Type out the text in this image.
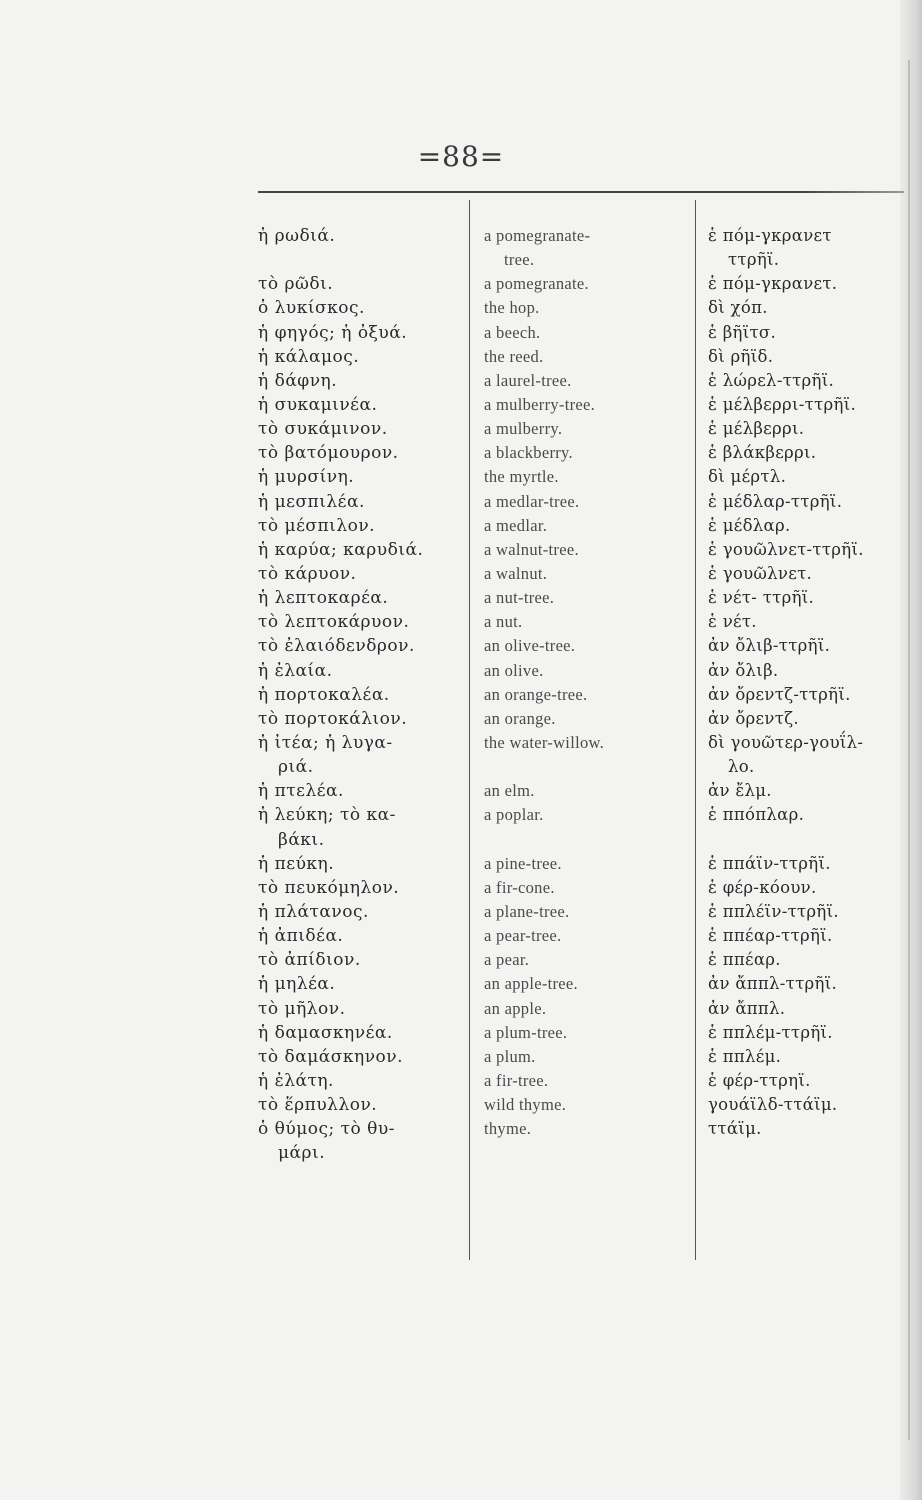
=88=
ἡ ρωδιά.
τὸ ρῶδι.
ὁ λυκίσκος.
ἡ φηγός; ἡ ὀξυά.
ἡ κάλαμος.
ἡ δάφνη.
ἡ συκαμινέα.
τὸ συκάμινον.
τὸ βατόμουρον.
ἡ μυρσίνη.
ἡ μεσπιλέα.
τὸ μέσπιλον.
ἡ καρύα; καρυδιά.
τὸ κάρυον.
ἡ λεπτοκαρέα.
τὸ λεπτοκάρυον.
τὸ ἐλαιόδενδρον.
ἡ ἐλαία.
ἡ πορτοκαλέα.
τὸ πορτοκάλιον.
ἡ ἰτέα; ἡ λυγα-
ριά.
ἡ πτελέα.
ἡ λεύκη; τὸ κα-
βάκι.
ἡ πεύκη.
τὸ πευκόμηλον.
ἡ πλάτανος.
ἡ ἀπιδέα.
τὸ ἀπίδιον.
ἡ μηλέα.
τὸ μῆλον.
ἡ δαμασκηνέα.
τὸ δαμάσκηνον.
ἡ ἐλάτη.
τὸ ἕρπυλλον.
ὁ θύμος; τὸ θυ-
μάρι.
a pomegranate-
tree.
a pomegranate.
the hop.
a beech.
the reed.
a laurel-tree.
a mulberry-tree.
a mulberry.
a blackberry.
the myrtle.
a medlar-tree.
a medlar.
a walnut-tree.
a walnut.
a nut-tree.
a nut.
an olive-tree.
an olive.
an orange-tree.
an orange.
the water-willow.
an elm.
a poplar.
a pine-tree.
a fir-cone.
a plane-tree.
a pear-tree.
a pear.
an apple-tree.
an apple.
a plum-tree.
a plum.
a fir-tree.
wild thyme.
thyme.
ἑ πόμ-γκρανετ
ττρῆϊ.
ἑ πόμ-γκρανετ.
δὶ χόπ.
ἑ βῆϊτσ.
δὶ ρῆϊδ.
ἑ λώρελ-ττρῆϊ.
ἑ μέλβερρι-ττρῆϊ.
ἑ μέλβερρι.
ἑ βλάκβερρι.
δὶ μέρτλ.
ἑ μέδλαρ-ττρῆϊ.
ἑ μέδλαρ.
ἑ γουῶλνετ-ττρῆϊ.
ἑ γουῶλνετ.
ἑ νέτ- ττρῆϊ.
ἑ νέτ.
ἀν ὄλιβ-ττρῆϊ.
ἀν ὄλιβ.
ἀν ὄρεντζ-ττρῆϊ.
ἀν ὄρεντζ.
δὶ γουῶτερ-γουΐλ-
λο.
ἀν ἔλμ.
ἑ ππόπλαρ.
ἑ ππάϊν-ττρῆϊ.
ἑ φέρ-κόουν.
ἑ ππλέϊν-ττρῆϊ.
ἑ ππέαρ-ττρῆϊ.
ἑ ππέαρ.
ἀν ἄππλ-ττρῆϊ.
ἀν ἄππλ.
ἑ ππλέμ-ττρῆϊ.
ἑ ππλέμ.
ἑ φέρ-ττρηϊ.
γουάϊλδ-ττάϊμ.
ττάϊμ.
